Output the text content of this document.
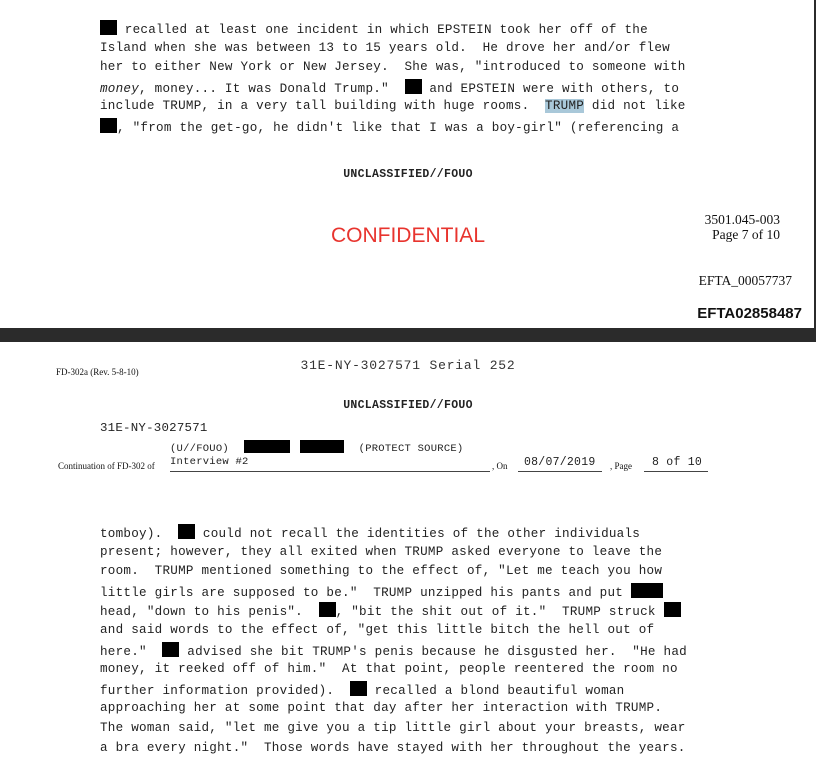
recalled at least one incident in which EPSTEIN took her off of the
Island when she was between 13 to 15 years old.  He drove her and/or flew
her to either New York or New Jersey.  She was, "introduced to someone with
money, money... It was Donald Trump."   and EPSTEIN were with others, to
include TRUMP, in a very tall building with huge rooms.  TRUMP did not like
, "from the get-go, he didn't like that I was a boy-girl" (referencing a
UNCLASSIFIED//FOUO
3501.045-003
Page 7 of 10
CONFIDENTIAL
EFTA_00057737
EFTA02858487
FD-302a (Rev. 5-8-10)	31E-NY-3027571 Serial 252
UNCLASSIFIED//FOUO
31E-NY-3027571
(U//FOUO)	(PROTECT SOURCE)
Continuation of FD-302 of Interview #2	, On 08/07/2019 , Page 8 of 10
tomboy).   could not recall the identities of the other individuals
present; however, they all exited when TRUMP asked everyone to leave the
room.  TRUMP mentioned something to the effect of, "Let me teach you how
little girls are supposed to be."  TRUMP unzipped his pants and put
head, "down to his penis".  , "bit the shit out of it."  TRUMP struck
and said words to the effect of, "get this little bitch the hell out of
here."   advised she bit TRUMP's penis because he disgusted her.  "He had
money, it reeked off of him."  At that point, people reentered the room no
further information provided).   recalled a blond beautiful woman
approaching her at some point that day after her interaction with TRUMP.
The woman said, "let me give you a tip little girl about your breasts, wear
a bra every night."  Those words have stayed with her throughout the years.
